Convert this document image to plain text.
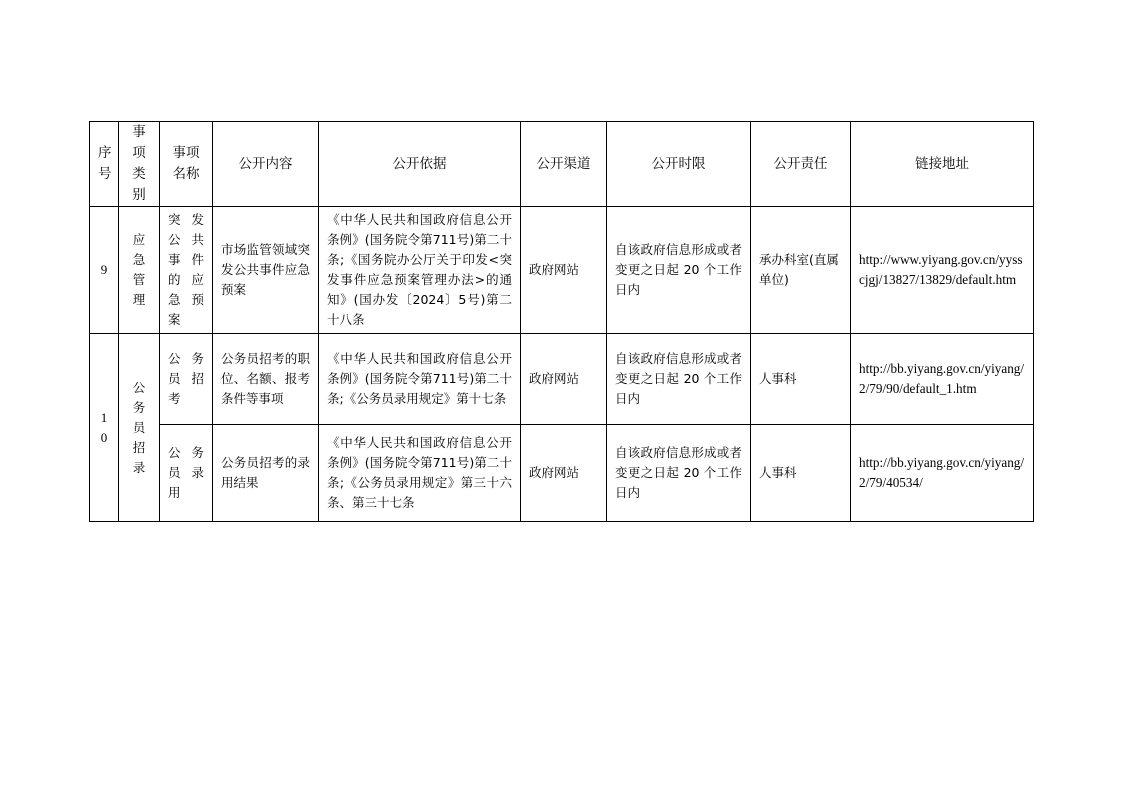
序号	事项类别	事项名称	公开内容	公开依据	公开渠道	公开时限	公开责任	链接地址
9	应急管理	突发公共事件的应急预案	市场监管领域突发公共事件应急预案	《中华人民共和国政府信息公开条例》(国务院令第711号)第二十条;《国务院办公厅关于印发<突发事件应急预案管理办法>的通知》(国办发〔2024〕5号)第二十八条	政府网站	自该政府信息形成或者变更之日起 20 个工作日内	承办科室(直属单位)	http://www.yiyang.gov.cn/yysscjgj/13827/13829/default.htm
10	公务员招录	公务员招考	公务员招考的职位、名额、报考条件等事项	《中华人民共和国政府信息公开条例》(国务院令第711号)第二十条;《公务员录用规定》第十七条	政府网站	自该政府信息形成或者变更之日起 20 个工作日内	人事科	http://bb.yiyang.gov.cn/yiyang/2/79/90/default_1.htm
		公务员录用	公务员招考的录用结果	《中华人民共和国政府信息公开条例》(国务院令第711号)第二十条;《公务员录用规定》第三十六条、第三十七条	政府网站	自该政府信息形成或者变更之日起 20 个工作日内	人事科	http://bb.yiyang.gov.cn/yiyang/2/79/40534/
